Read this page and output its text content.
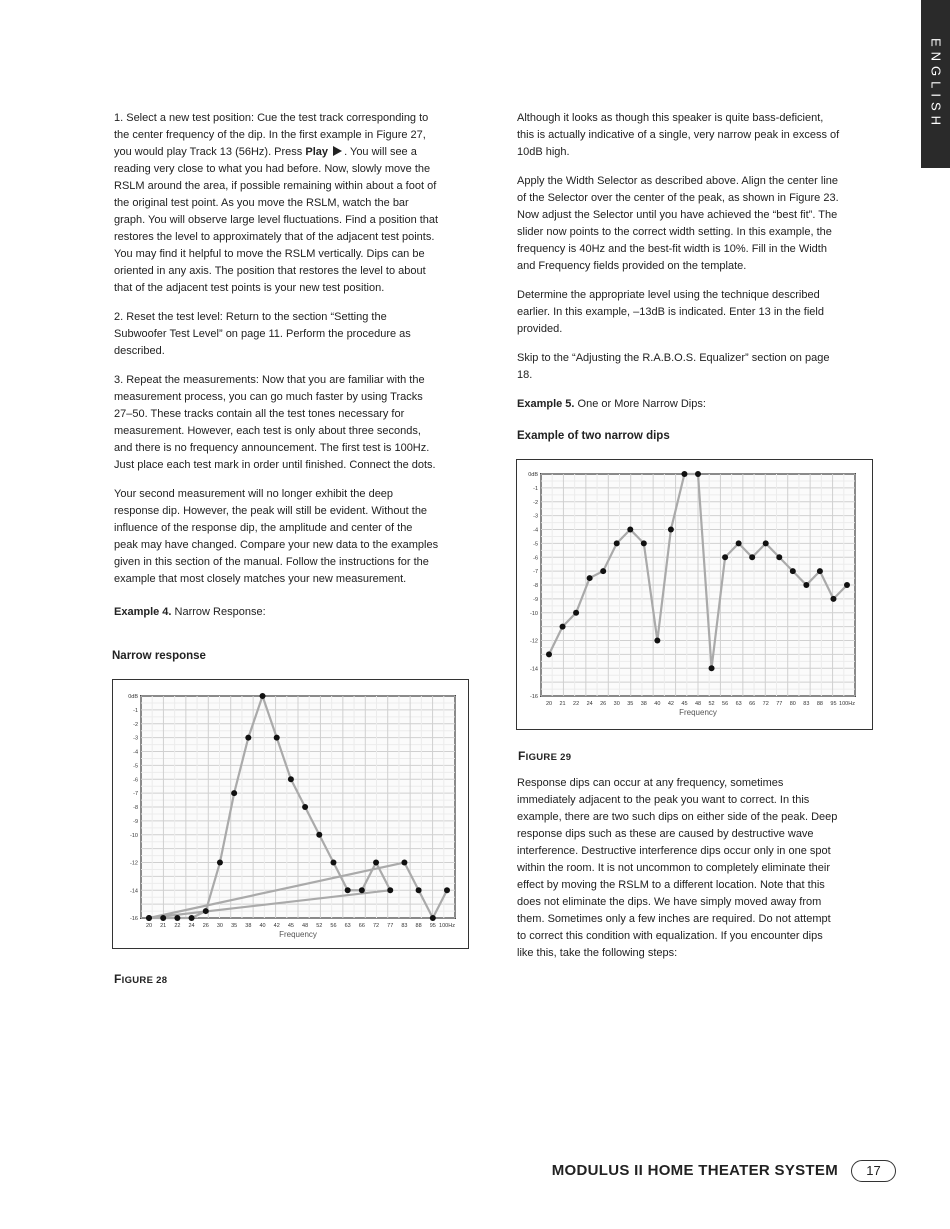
ENGLISH

1. Select a new test position: Cue the test track corresponding to the center frequency of the dip. In the first example in Figure 27, you would play Track 13 (56Hz). Press Play . You will see a reading very close to what you had before. Now, slowly move the RSLM around the area, if possible remaining within about a foot of the original test point. As you move the RSLM, watch the bar graph. You will observe large level fluctuations. Find a position that restores the level to approximately that of the adjacent test points. You may find it helpful to move the RSLM vertically. Dips can be oriented in any axis. The position that restores the level to about that of the adjacent test points is your new test position.

2. Reset the test level: Return to the section “Setting the Subwoofer Test Level” on page 11. Perform the procedure as described.

3. Repeat the measurements: Now that you are familiar with the measurement process, you can go much faster by using Tracks 27–50. These tracks contain all the test tones necessary for measurement. However, each test is only about three seconds, and there is no frequency announcement. The first test is 100Hz. Just place each test mark in order until finished. Connect the dots.

Your second measurement will no longer exhibit the deep response dip. However, the peak will still be evident. Without the influence of the response dip, the amplitude and center of the peak may have changed. Compare your new data to the examples given in this section of the manual. Follow the instructions for the example that most closely matches your new measurement.

Example 4. Narrow Response:

Narrow response
0dB
-1
-2
-3
-4
-5
-6
-7
-8
-9
-10
-12
-14
-16
20 21 22 24 26 30 35 38 40 42 45 48 52 56 63 66 72 77 83 88 95 100Hz
Frequency
FIGURE 28

Although it looks as though this speaker is quite bass-deficient, this is actually indicative of a single, very narrow peak in excess of 10dB high.

Apply the Width Selector as described above. Align the center line of the Selector over the center of the peak, as shown in Figure 23. Now adjust the Selector until you have achieved the “best fit”. The slider now points to the correct width setting. In this example, the frequency is 40Hz and the best-fit width is 10%. Fill in the Width and Frequency fields provided on the template.

Determine the appropriate level using the technique described earlier. In this example, –13dB is indicated. Enter 13 in the field provided.

Skip to the “Adjusting the R.A.B.O.S. Equalizer” section on page 18.

Example 5. One or More Narrow Dips:

Example of two narrow dips
0dB
-1
-2
-3
-4
-5
-6
-7
-8
-9
-10
-12
-14
-16
20 21 22 24 26 30 35 38 40 42 45 48 52 56 63 66 72 77 80 83 88 95 100Hz
Frequency
FIGURE 29

Response dips can occur at any frequency, sometimes immediately adjacent to the peak you want to correct. In this example, there are two such dips on either side of the peak. Deep response dips such as these are caused by destructive wave interference. Destructive interference dips occur only in one spot within the room. It is not uncommon to completely eliminate their effect by moving the RSLM to a different location. Note that this does not eliminate the dips. We have simply moved away from them. Sometimes only a few inches are required. Do not attempt to correct this condition with equalization. If you encounter dips like this, take the following steps:

MODULUS II HOME THEATER SYSTEM	17
